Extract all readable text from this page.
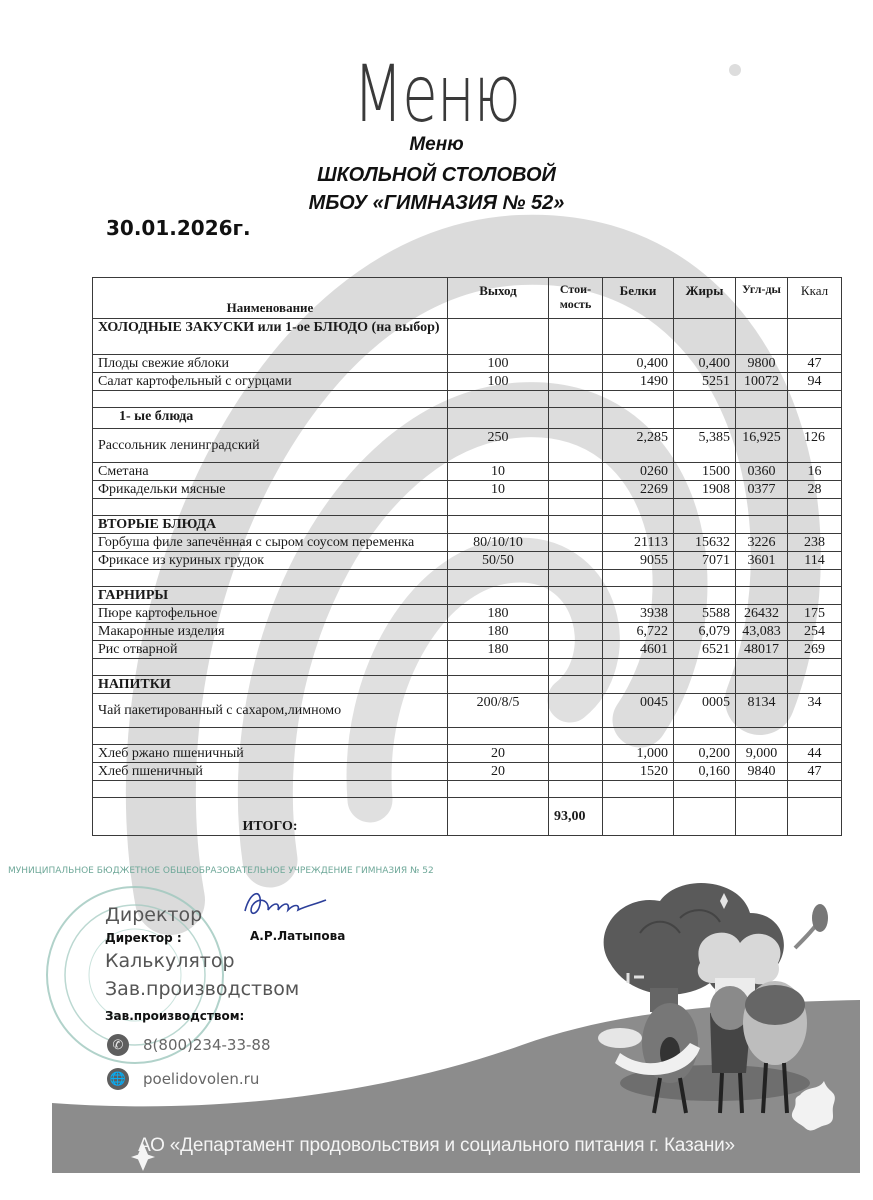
Меню
Меню
ШКОЛЬНОЙ СТОЛОВОЙ
МБОУ «ГИМНАЗИЯ № 52»
30.01.2026г.
Наименование	Выход	Стои-мость	Белки	Жиры	Угл-ды	Ккал
ХОЛОДНЫЕ ЗАКУСКИ или 1-ое БЛЮДО (на выбор)						
Плоды свежие яблоки	100		0,400	0,400	9800	47
Салат картофельный с огурцами	100		1490	5251	10072	94

1- ые блюда						
Рассольник ленинградский	250		2,285	5,385	16,925	126
Сметана	10		0260	1500	0360	16
Фрикадельки мясные	10		2269	1908	0377	28

ВТОРЫЕ БЛЮДА						
Горбуша филе запечённая с сыром соусом переменка	80/10/10		21113	15632	3226	238
Фрикасе из куриных грудок	50/50		9055	7071	3601	114

ГАРНИРЫ						
Пюре картофельное	180		3938	5588	26432	175
Макаронные изделия	180		6,722	6,079	43,083	254
Рис отварной	180		4601	6521	48017	269

НАПИТКИ						
Чай пакетированный с сахаром,лимномо	200/8/5		0045	0005	8134	34

Хлеб ржано пшеничный	20		1,000	0,200	9,000	44
Хлеб пшеничный	20		1520	0,160	9840	47

ИТОГО:		93,00				
МУНИЦИПАЛЬНОЕ БЮДЖЕТНОЕ ОБЩЕОБРАЗОВАТЕЛЬНОЕ УЧРЕЖДЕНИЕ ГИМНАЗИЯ № 52
Директор
А.Р.Латыпова
Директор :
Калькулятор
Зав.производством
Зав.производством:
✆	8(800)234-33-88
🌐 poelidovolen.ru
АО «Департамент продовольствия и социального питания г. Казани»
